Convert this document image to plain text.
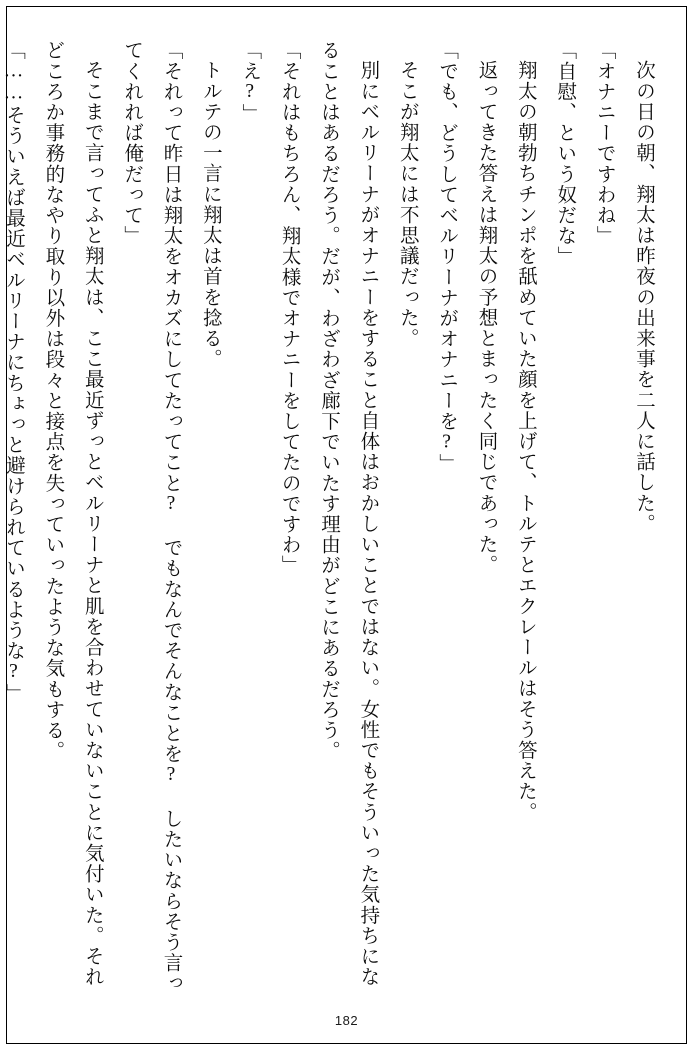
次の日の朝、翔太は昨夜の出来事を二人に話した。
「オナニーですわね」
「自慰、という奴だな」
翔太の朝勃ちチンポを舐めていた顔を上げて、トルテとエクレールはそう答えた。
返ってきた答えは翔太の予想とまったく同じであった。
「でも、どうしてベルリーナがオナニーを?」
そこが翔太には不思議だった。
別にベルリーナがオナニーをすること自体はおかしいことではない。女性でもそういった気持ちになることはあるだろう。だが、わざわざ廊下でいたす理由がどこにあるだろう。
「それはもちろん、翔太様でオナニーをしてたのですわ」
「え?」
トルテの一言に翔太は首を捻る。
「それって昨日は翔太をオカズにしてたってこと? でもなんでそんなことを? したいならそう言ってくれれば俺だって」
そこまで言ってふと翔太は、ここ最近ずっとベルリーナと肌を合わせていないことに気付いた。それどころか事務的なやり取り以外は段々と接点を失っていったような気もする。
「……そういえば最近ベルリーナにちょっと避けられているような?」
182
